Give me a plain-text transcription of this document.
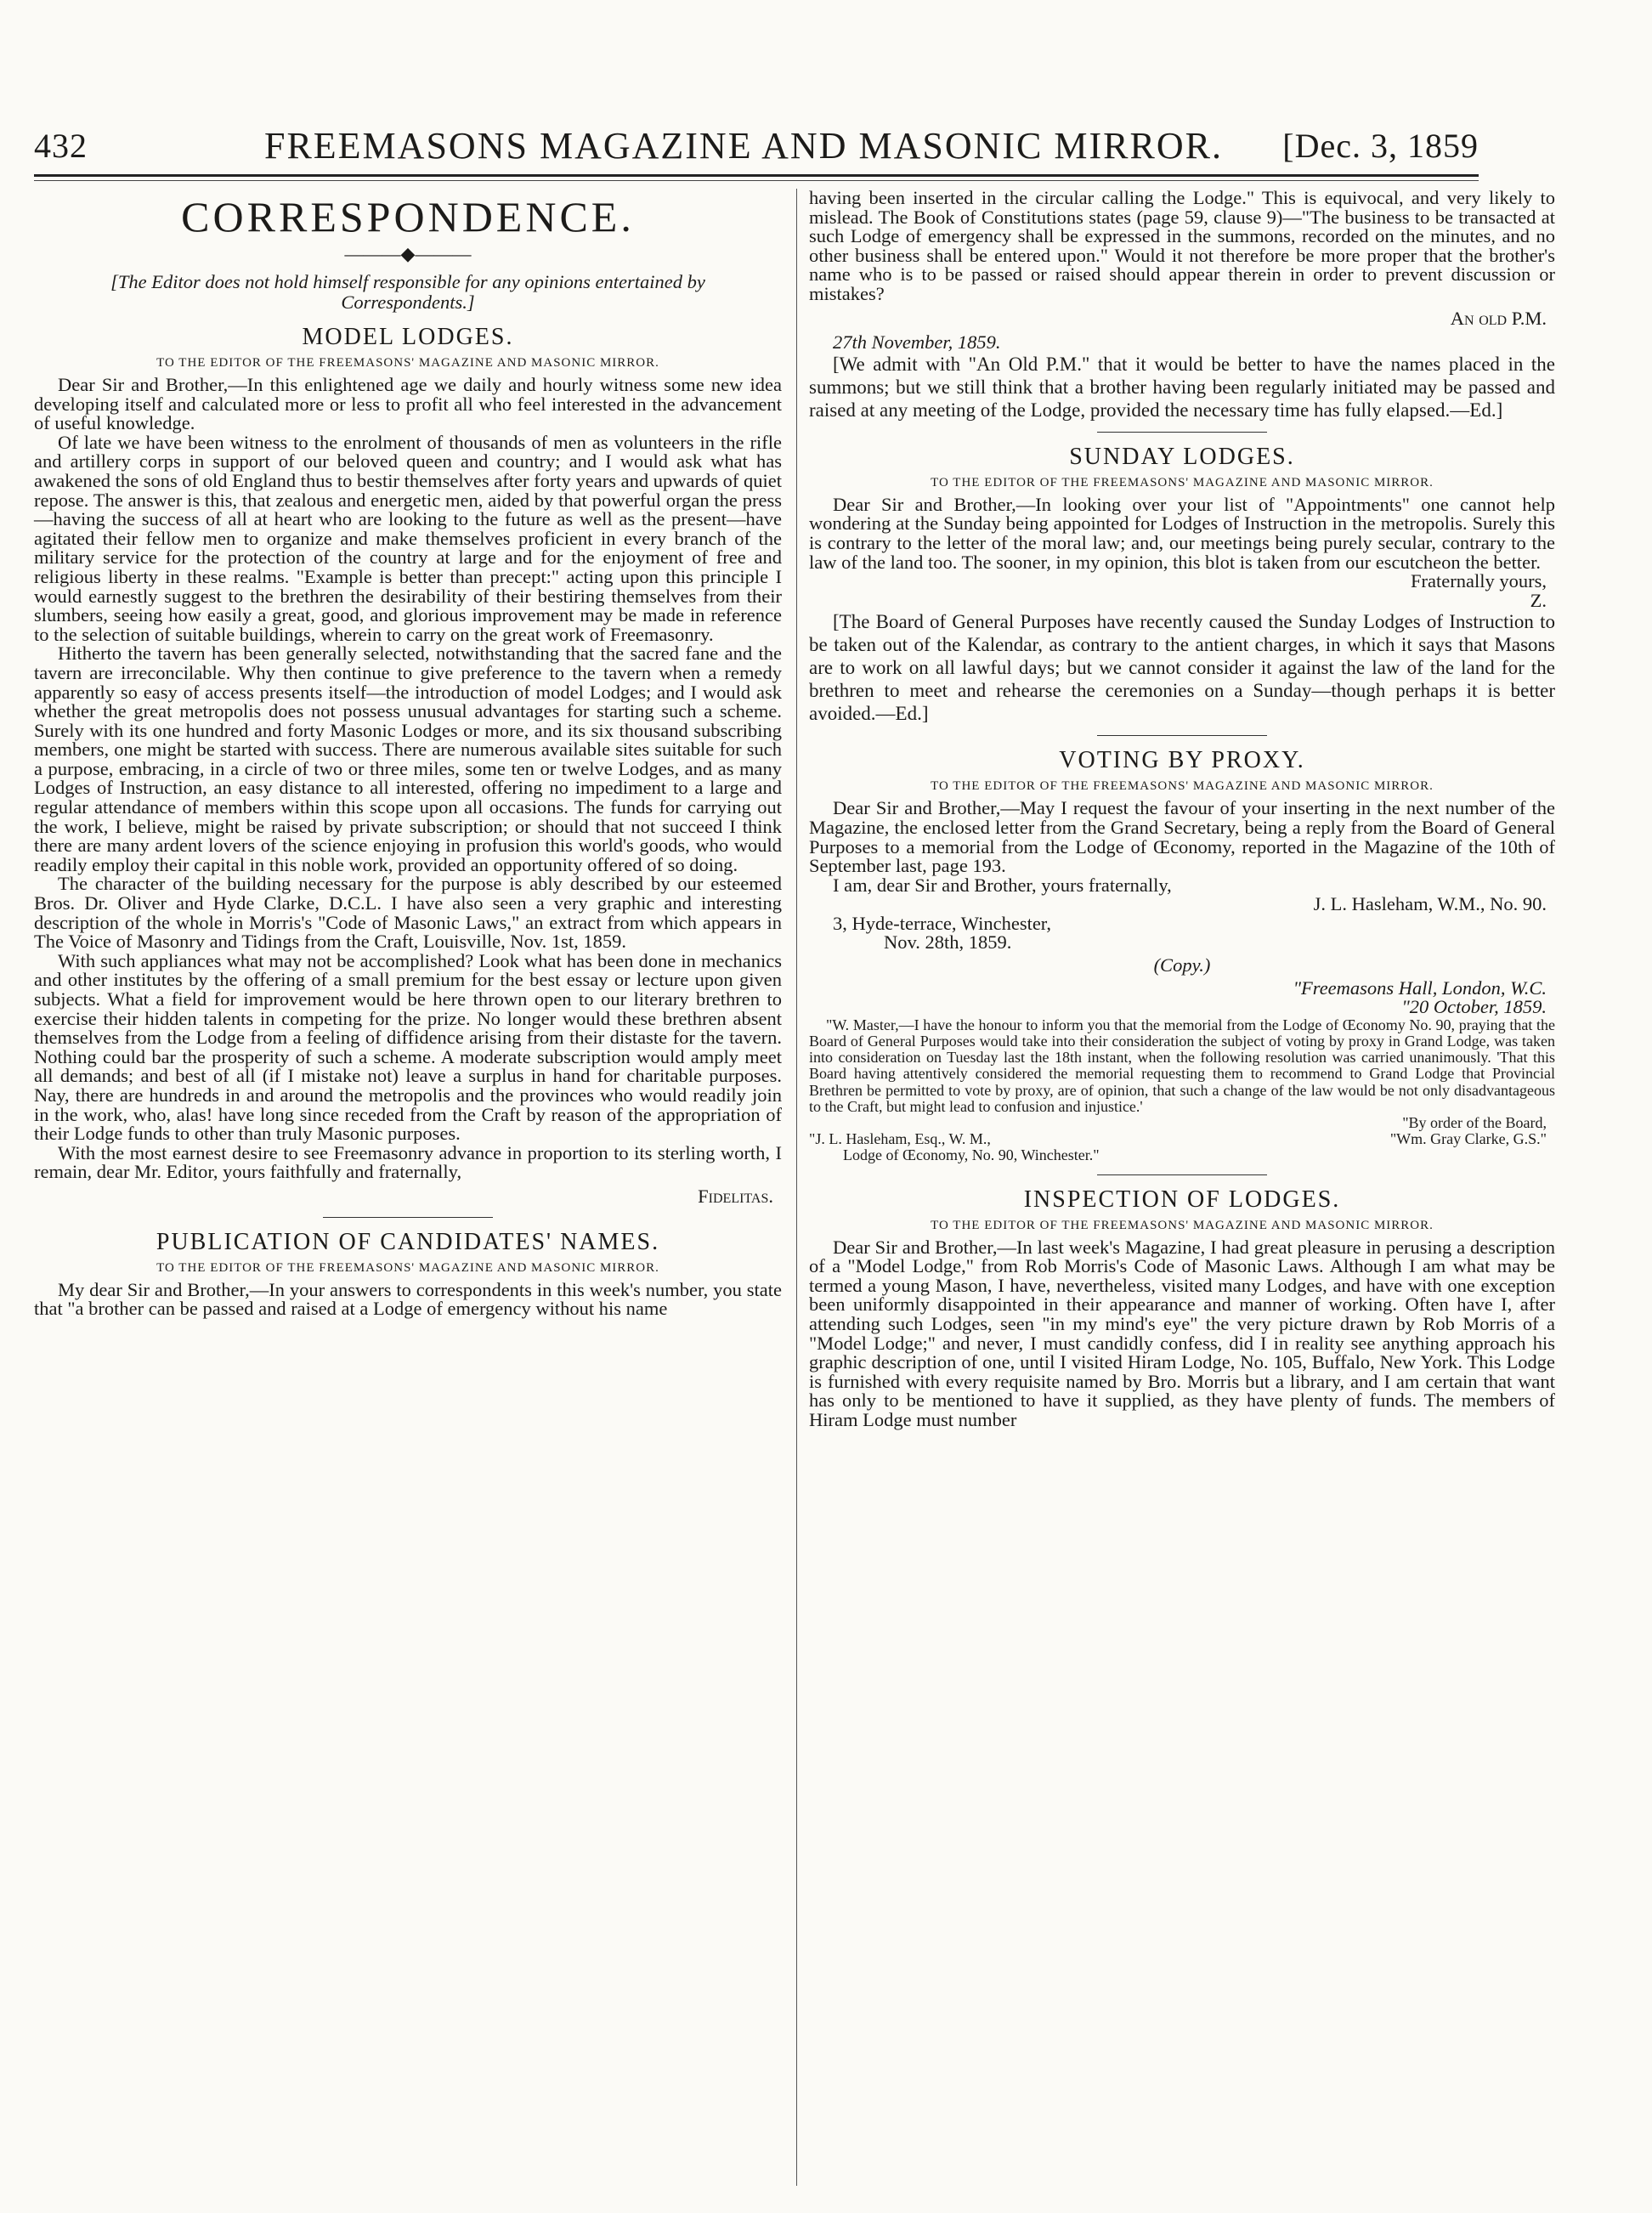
432	FREEMASONS MAGAZINE AND MASONIC MIRROR.	[Dec. 3, 1859
CORRESPONDENCE.
———◆———
[The Editor does not hold himself responsible for any opinions entertained by Correspondents.]
MODEL LODGES.
TO THE EDITOR OF THE FREEMASONS' MAGAZINE AND MASONIC MIRROR.

Dear Sir and Brother,—In this enlightened age we daily and hourly witness some new idea developing itself and calculated more or less to profit all who feel interested in the advancement of useful knowledge.

Of late we have been witness to the enrolment of thousands of men as volunteers in the rifle and artillery corps in support of our beloved queen and country; and I would ask what has awakened the sons of old England thus to bestir themselves after forty years and upwards of quiet repose. The answer is this, that zealous and energetic men, aided by that powerful organ the press—having the success of all at heart who are looking to the future as well as the present—have agitated their fellow men to organize and make themselves proficient in every branch of the military service for the protection of the country at large and for the enjoyment of free and religious liberty in these realms. "Example is better than precept:" acting upon this principle I would earnestly suggest to the brethren the desirability of their bestiring themselves from their slumbers, seeing how easily a great, good, and glorious improvement may be made in reference to the selection of suitable buildings, wherein to carry on the great work of Freemasonry.

Hitherto the tavern has been generally selected, notwithstanding that the sacred fane and the tavern are irreconcilable. Why then continue to give preference to the tavern when a remedy apparently so easy of access presents itself—the introduction of model Lodges; and I would ask whether the great metropolis does not possess unusual advantages for starting such a scheme. Surely with its one hundred and forty Masonic Lodges or more, and its six thousand subscribing members, one might be started with success. There are numerous available sites suitable for such a purpose, embracing, in a circle of two or three miles, some ten or twelve Lodges, and as many Lodges of Instruction, an easy distance to all interested, offering no impediment to a large and regular attendance of members within this scope upon all occasions. The funds for carrying out the work, I believe, might be raised by private subscription; or should that not succeed I think there are many ardent lovers of the science enjoying in profusion this world's goods, who would readily employ their capital in this noble work, provided an opportunity offered of so doing.

The character of the building necessary for the purpose is ably described by our esteemed Bros. Dr. Oliver and Hyde Clarke, D.C.L. I have also seen a very graphic and interesting description of the whole in Morris's "Code of Masonic Laws," an extract from which appears in The Voice of Masonry and Tidings from the Craft, Louisville, Nov. 1st, 1859.

With such appliances what may not be accomplished? Look what has been done in mechanics and other institutes by the offering of a small premium for the best essay or lecture upon given subjects. What a field for improvement would be here thrown open to our literary brethren to exercise their hidden talents in competing for the prize. No longer would these brethren absent themselves from the Lodge from a feeling of diffidence arising from their distaste for the tavern. Nothing could bar the prosperity of such a scheme. A moderate subscription would amply meet all demands; and best of all (if I mistake not) leave a surplus in hand for charitable purposes. Nay, there are hundreds in and around the metropolis and the provinces who would readily join in the work, who, alas! have long since receded from the Craft by reason of the appropriation of their Lodge funds to other than truly Masonic purposes.

With the most earnest desire to see Freemasonry advance in proportion to its sterling worth, I remain, dear Mr. Editor, yours faithfully and fraternally,

Fidelitas.
PUBLICATION OF CANDIDATES' NAMES.
TO THE EDITOR OF THE FREEMASONS' MAGAZINE AND MASONIC MIRROR.

My dear Sir and Brother,—In your answers to correspondents in this week's number, you state that "a brother can be passed and raised at a Lodge of emergency without his name

having been inserted in the circular calling the Lodge." This is equivocal, and very likely to mislead. The Book of Constitutions states (page 59, clause 9)—"The business to be transacted at such Lodge of emergency shall be expressed in the summons, recorded on the minutes, and no other business shall be entered upon." Would it not therefore be more proper that the brother's name who is to be passed or raised should appear therein in order to prevent discussion or mistakes?

An old P.M.

27th November, 1859.

[We admit with "An Old P.M." that it would be better to have the names placed in the summons; but we still think that a brother having been regularly initiated may be passed and raised at any meeting of the Lodge, provided the necessary time has fully elapsed.—Ed.]

SUNDAY LODGES.
TO THE EDITOR OF THE FREEMASONS' MAGAZINE AND MASONIC MIRROR.

Dear Sir and Brother,—In looking over your list of "Appointments" one cannot help wondering at the Sunday being appointed for Lodges of Instruction in the metropolis. Surely this is contrary to the letter of the moral law; and, our meetings being purely secular, contrary to the law of the land too. The sooner, in my opinion, this blot is taken from our escutcheon the better.

Fraternally yours,
Z.

[The Board of General Purposes have recently caused the Sunday Lodges of Instruction to be taken out of the Kalendar, as contrary to the antient charges, in which it says that Masons are to work on all lawful days; but we cannot consider it against the law of the land for the brethren to meet and rehearse the ceremonies on a Sunday—though perhaps it is better avoided.—Ed.]

VOTING BY PROXY.
TO THE EDITOR OF THE FREEMASONS' MAGAZINE AND MASONIC MIRROR.

Dear Sir and Brother,—May I request the favour of your inserting in the next number of the Magazine, the enclosed letter from the Grand Secretary, being a reply from the Board of General Purposes to a memorial from the Lodge of Œconomy, reported in the Magazine of the 10th of September last, page 193.

I am, dear Sir and Brother, yours fraternally,

J. L. Hasleham, W.M., No. 90.

3, Hyde-terrace, Winchester,

Nov. 28th, 1859.

(Copy.)
"Freemasons Hall, London, W.C.
"20 October, 1859.

"W. Master,—I have the honour to inform you that the memorial from the Lodge of Œconomy No. 90, praying that the Board of General Purposes would take into their consideration the subject of voting by proxy in Grand Lodge, was taken into consideration on Tuesday last the 18th instant, when the following resolution was carried unanimously. 'That this Board having attentively considered the memorial requesting them to recommend to Grand Lodge that Provincial Brethren be permitted to vote by proxy, are of opinion, that such a change of the law would be not only disadvantageous to the Craft, but might lead to confusion and injustice.'

"By order of the Board,
"J. L. Hasleham, Esq., W. M.,	"Wm. Gray Clarke, G.S."
Lodge of Œconomy, No. 90, Winchester."
INSPECTION OF LODGES.
TO THE EDITOR OF THE FREEMASONS' MAGAZINE AND MASONIC MIRROR.

Dear Sir and Brother,—In last week's Magazine, I had great pleasure in perusing a description of a "Model Lodge," from Rob Morris's Code of Masonic Laws. Although I am what may be termed a young Mason, I have, nevertheless, visited many Lodges, and have with one exception been uniformly disappointed in their appearance and manner of working. Often have I, after attending such Lodges, seen "in my mind's eye" the very picture drawn by Rob Morris of a "Model Lodge;" and never, I must candidly confess, did I in reality see anything approach his graphic description of one, until I visited Hiram Lodge, No. 105, Buffalo, New York. This Lodge is furnished with every requisite named by Bro. Morris but a library, and I am certain that want has only to be mentioned to have it supplied, as they have plenty of funds. The members of Hiram Lodge must number
